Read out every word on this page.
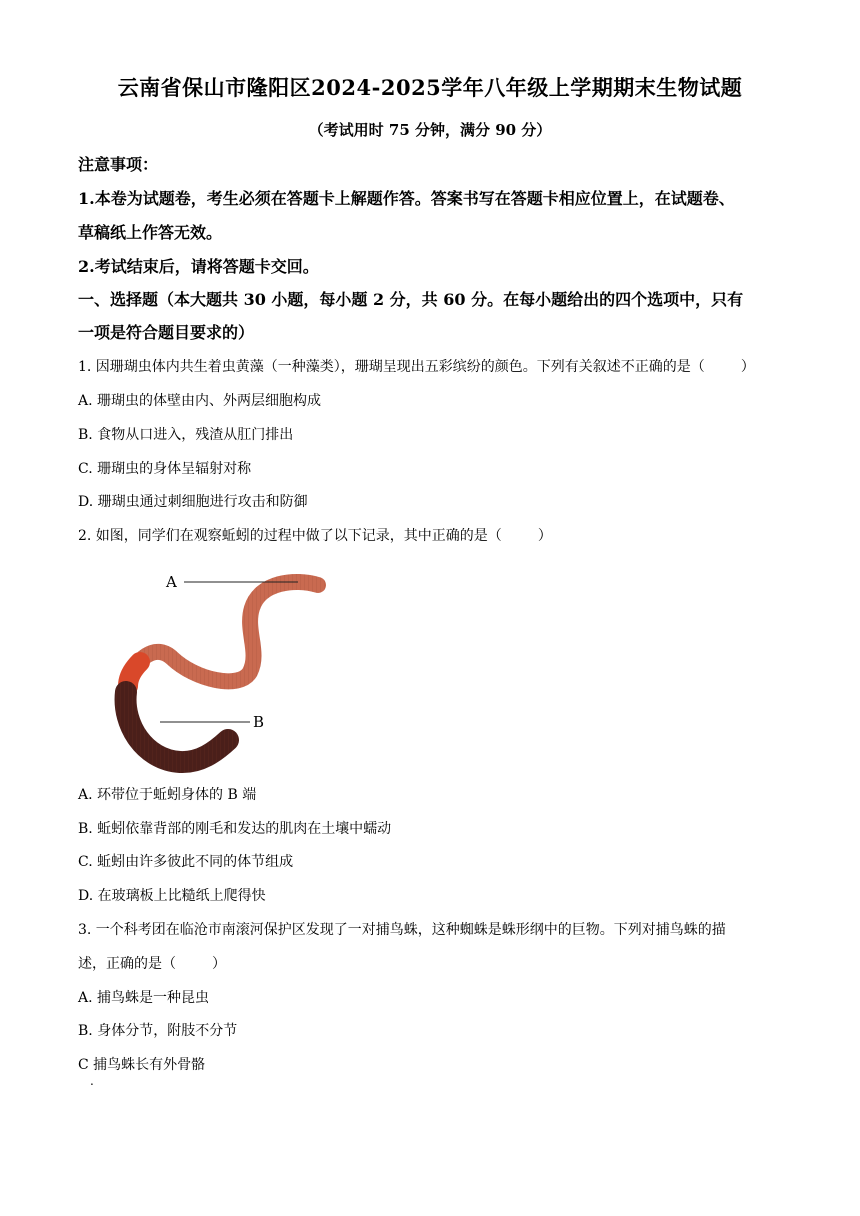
云南省保山市隆阳区2024-2025学年八年级上学期期末生物试题
（考试用时 75 分钟，满分 90 分）
注意事项：
1.本卷为试题卷，考生必须在答题卡上解题作答。答案书写在答题卡相应位置上，在试题卷、
草稿纸上作答无效。
2.考试结束后，请将答题卡交回。
一、选择题（本大题共 30 小题，每小题 2 分，共 60 分。在每小题给出的四个选项中，只有
一项是符合题目要求的）
1. 因珊瑚虫体内共生着虫黄藻（一种藻类），珊瑚呈现出五彩缤纷的颜色。下列有关叙述不正确的是（	）
A. 珊瑚虫的体壁由内、外两层细胞构成
B. 食物从口进入，残渣从肛门排出
C. 珊瑚虫的身体呈辐射对称
D. 珊瑚虫通过刺细胞进行攻击和防御
2. 如图，同学们在观察蚯蚓的过程中做了以下记录，其中正确的是（	）
A
B
A. 环带位于蚯蚓身体的 B 端
B. 蚯蚓依靠背部的刚毛和发达的肌肉在土壤中蠕动
C. 蚯蚓由许多彼此不同的体节组成
D. 在玻璃板上比糙纸上爬得快
3. 一个科考团在临沧市南滚河保护区发现了一对捕鸟蛛，这种蜘蛛是蛛形纲中的巨物。下列对捕鸟蛛的描
述，正确的是（	）
A. 捕鸟蛛是一种昆虫
B. 身体分节，附肢不分节
C 捕鸟蛛长有外骨骼
.
